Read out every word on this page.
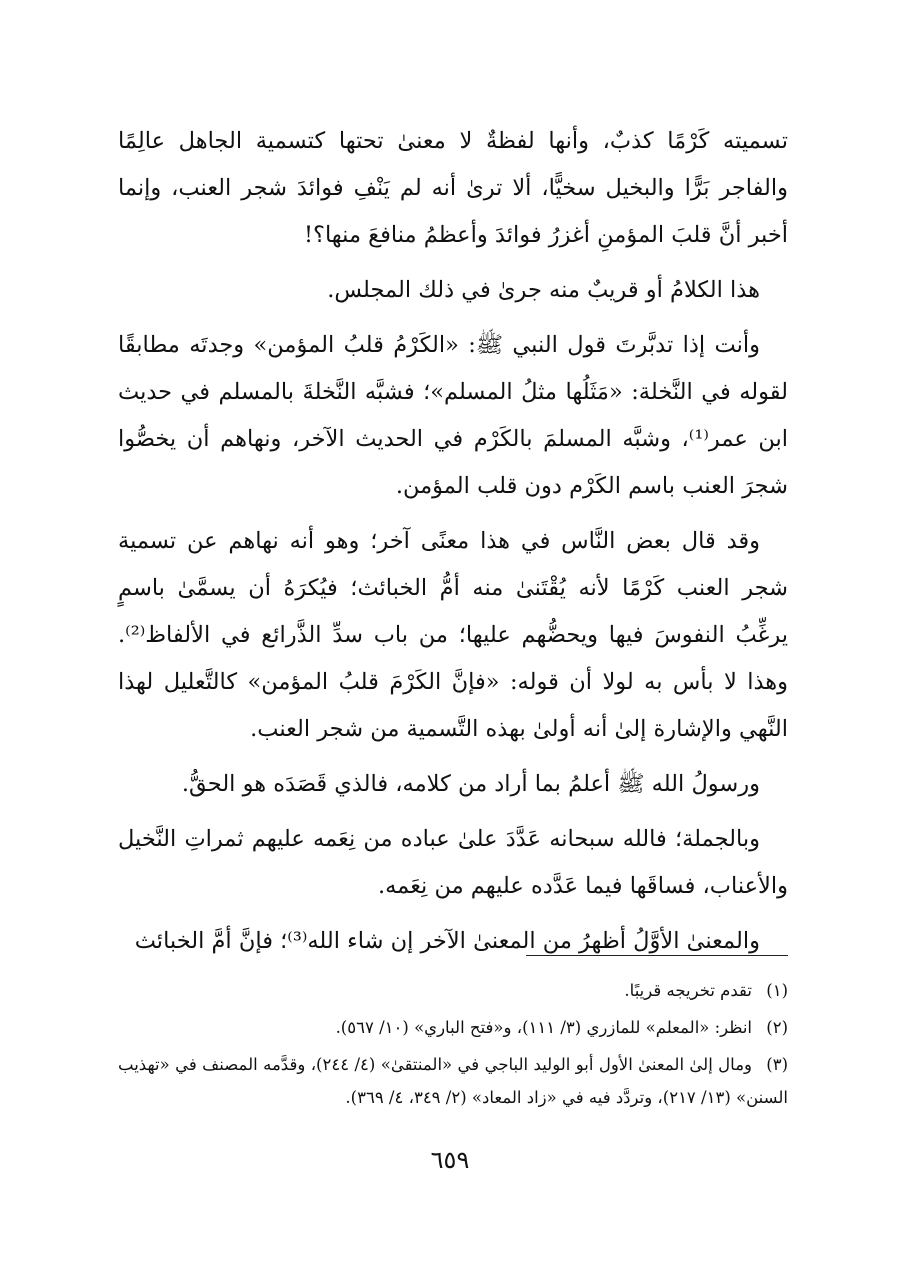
تسميته كَرْمًا كذبٌ، وأنها لفظةٌ لا معنىٰ تحتها كتسمية الجاهل عالِمًا والفاجر بَرًّا والبخيل سخيًّا، ألا ترىٰ أنه لم يَنْفِ فوائدَ شجر العنب، وإنما أخبر أنَّ قلبَ المؤمنِ أغزرُ فوائدَ وأعظمُ منافعَ منها؟!

هذا الكلامُ أو قريبٌ منه جرىٰ في ذلك المجلس.

وأنت إذا تدبَّرتَ قول النبي ﷺ: «الكَرْمُ قلبُ المؤمن» وجدتَه مطابقًا لقوله في النَّخلة: «مَثَلُها مثلُ المسلم»؛ فشبَّه النَّخلةَ بالمسلم في حديث ابن عمر⁽¹⁾، وشبَّه المسلمَ بالكَرْم في الحديث الآخر، ونهاهم أن يخصُّوا شجرَ العنب باسم الكَرْم دون قلب المؤمن.

وقد قال بعض النَّاس في هذا معنًى آخر؛ وهو أنه نهاهم عن تسمية شجر العنب كَرْمًا لأنه يُقْتَنىٰ منه أمُّ الخبائث؛ فيُكرَهُ أن يسمَّىٰ باسمٍ يرغِّبُ النفوسَ فيها ويحضُّهم عليها؛ من باب سدِّ الذَّرائع في الألفاظ⁽²⁾. وهذا لا بأس به لولا أن قوله: «فإنَّ الكَرْمَ قلبُ المؤمن» كالتَّعليل لهذا النَّهي والإشارة إلىٰ أنه أولىٰ بهذه التَّسمية من شجر العنب.

ورسولُ الله ﷺ أعلمُ بما أراد من كلامه، فالذي قَصَدَه هو الحقُّ.

وبالجملة؛ فالله سبحانه عَدَّدَ علىٰ عباده من نِعَمه عليهم ثمراتِ النَّخيل والأعناب، فساقَها فيما عَدَّده عليهم من نِعَمه.

والمعنىٰ الأوَّلُ أظهرُ من المعنىٰ الآخر إن شاء الله⁽³⁾؛ فإنَّ أمَّ الخبائث

(١)تقدم تخريجه قريبًا.

(٢)انظر: «المعلم» للمازري (٣/ ١١١)، و«فتح الباري» (١٠/ ٥٦٧).

(٣)ومال إلىٰ المعنىٰ الأول أبو الوليد الباجي في «المنتقىٰ» (٤/ ٢٤٤)، وقدَّمه المصنف في «تهذيب السنن» (١٣/ ٢١٧)، وتردَّد فيه في «زاد المعاد» (٢/ ٣٤٩، ٤/ ٣٦٩).

٦٥٩
